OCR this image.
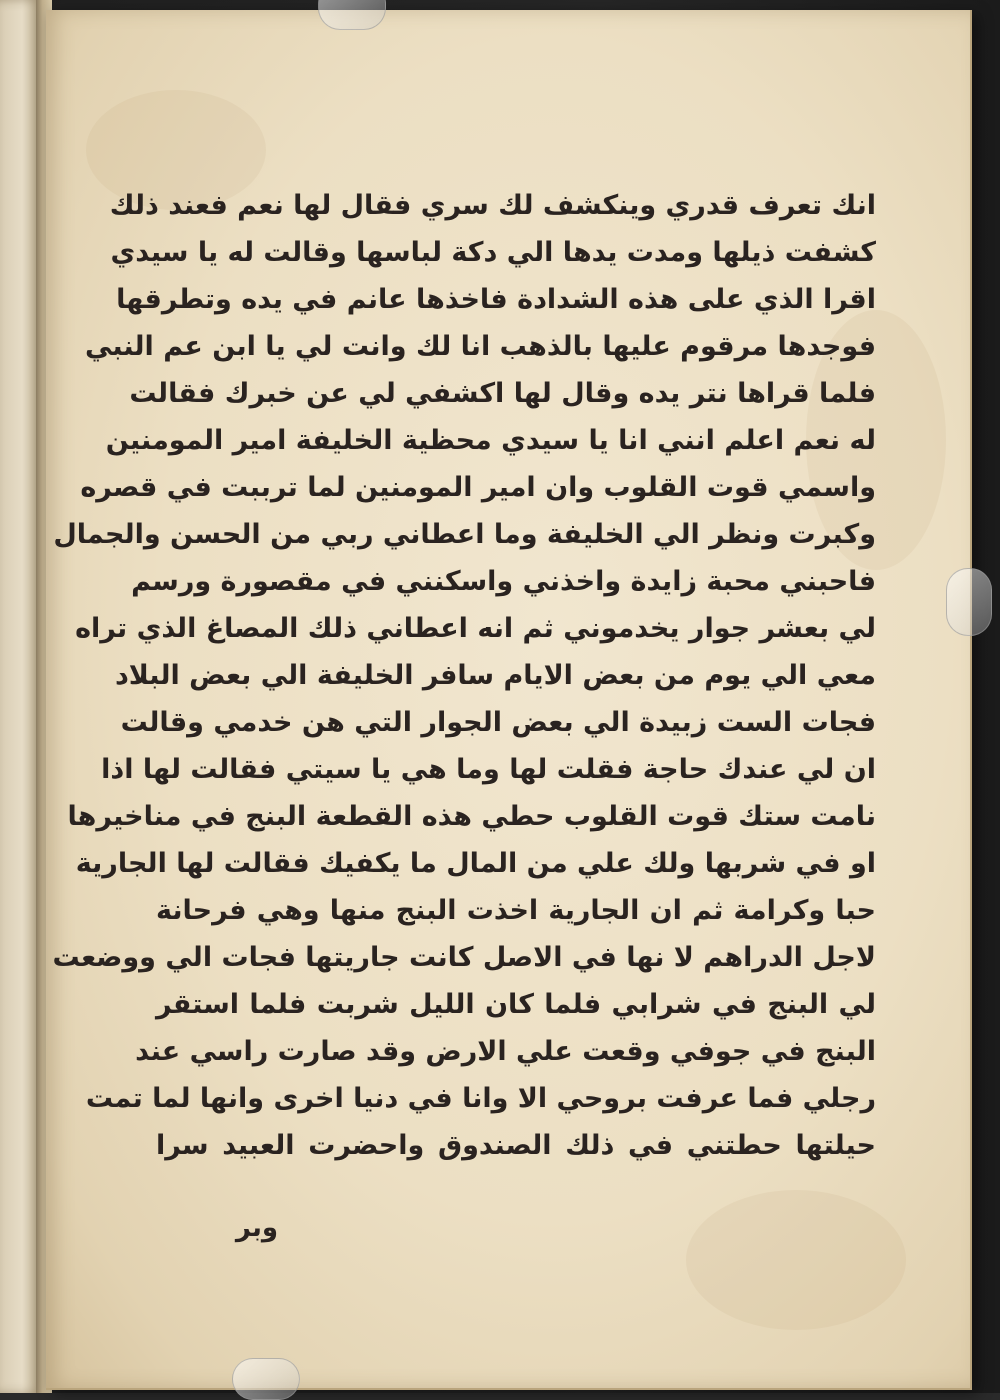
انك تعرف قدري وينكشف لك سري فقال لها نعم فعند ذلك
كشفت ذيلها ومدت يدها الي دكة لباسها وقالت له يا سيدي
اقرا الذي على هذه الشدادة فاخذها عانم في يده وتطرقها
فوجدها مرقوم عليها بالذهب انا لك وانت لي يا ابن عم النبي
فلما قراها نتر يده وقال لها اكشفي لي عن خبرك فقالت
له نعم اعلم انني انا يا سيدي محظية الخليفة امير المومنين
واسمي قوت القلوب وان امير المومنين لما ترببت في قصره
وكبرت ونظر الي الخليفة وما اعطاني ربي من الحسن والجمال
فاحبني محبة زايدة واخذني واسكنني في مقصورة ورسم
لي بعشر جوار يخدموني ثم انه اعطاني ذلك المصاغ الذي تراه
معي الي يوم من بعض الايام سافر الخليفة الي بعض البلاد
فجات الست زبيدة الي بعض الجوار التي هن خدمي وقالت
ان لي عندك حاجة فقلت لها وما هي يا سيتي فقالت لها اذا
نامت ستك قوت القلوب حطي هذه القطعة البنج في مناخيرها
او في شربها ولك علي من المال ما يكفيك فقالت لها الجارية
حبا وكرامة ثم ان الجارية اخذت البنج منها وهي فرحانة
لاجل الدراهم لا نها في الاصل كانت جاريتها فجات الي ووضعت
لي البنج في شرابي فلما كان الليل شربت فلما استقر
البنج في جوفي وقعت علي الارض وقد صارت راسي عند
رجلي فما عرفت بروحي الا وانا في دنيا اخرى وانها لما تمت
حيلتها حطتني في ذلك الصندوق واحضرت العبيد سرا
وبر
